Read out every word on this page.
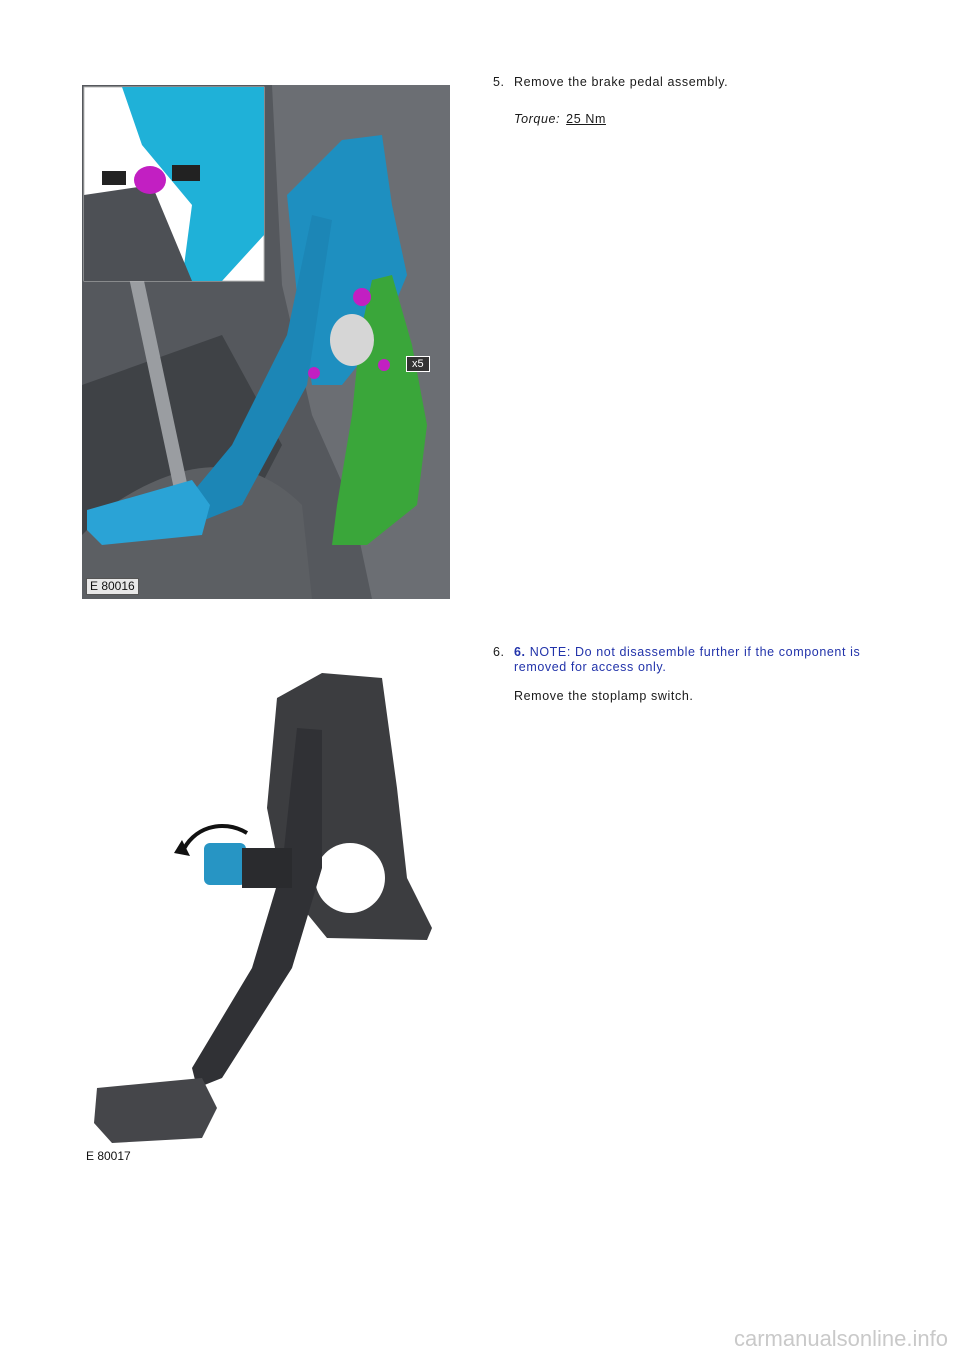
E 80016
x5
5. Remove the brake pedal assembly.
Torque: 25 Nm
E 80017
6. 6. NOTE: Do not disassemble further if the component is removed for access only.
Remove the stoplamp switch.
carmanualsonline.info
